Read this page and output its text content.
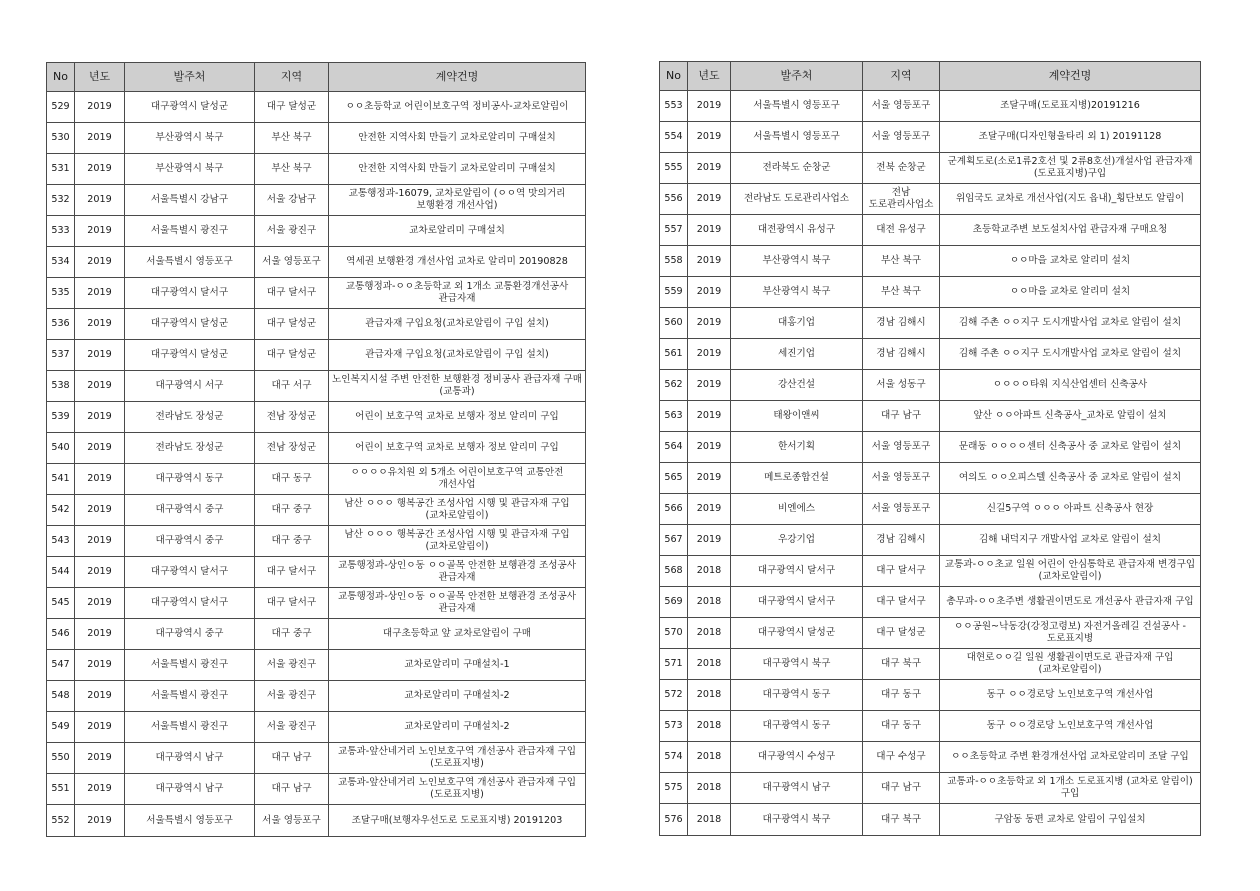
No	년도	발주처	지역	계약건명
529	2019	대구광역시 달성군	대구 달성군	ㅇㅇ초등학교 어린이보호구역 정비공사-교차로알림이
530	2019	부산광역시 북구	부산 북구	안전한 지역사회 만들기 교차로알리미 구매설치
531	2019	부산광역시 북구	부산 북구	안전한 지역사회 만들기 교차로알리미 구매설치
532	2019	서울특별시 강남구	서울 강남구	교통행정과-16079, 교차로알림이 (ㅇㅇ역 맛의거리 보행환경 개선사업)
533	2019	서울특별시 광진구	서울 광진구	교차로알리미 구매설치
534	2019	서울특별시 영등포구	서울 영등포구	역세권 보행환경 개선사업 교차로 알리미 20190828
535	2019	대구광역시 달서구	대구 달서구	교통행정과-ㅇㅇ초등학교 외 1개소 교통환경개선공사 관급자재
536	2019	대구광역시 달성군	대구 달성군	관급자재 구입요청(교차로알림이 구입 설치)
537	2019	대구광역시 달성군	대구 달성군	관급자재 구입요청(교차로알림이 구입 설치)
538	2019	대구광역시 서구	대구 서구	노인복지시설 주변 안전한 보행환경 정비공사 관급자재 구매(교통과)
539	2019	전라남도 장성군	전남 장성군	어린이 보호구역 교차로 보행자 정보 알리미 구입
540	2019	전라남도 장성군	전남 장성군	어린이 보호구역 교차로 보행자 정보 알리미 구입
541	2019	대구광역시 동구	대구 동구	ㅇㅇㅇㅇ유치원 외 5개소 어린이보호구역 교통안전 개선사업
542	2019	대구광역시 중구	대구 중구	남산 ㅇㅇㅇ 행복공간 조성사업 시행 및 관급자재 구입(교차로알림이)
543	2019	대구광역시 중구	대구 중구	남산 ㅇㅇㅇ 행복공간 조성사업 시행 및 관급자재 구입(교차로알림이)
544	2019	대구광역시 달서구	대구 달서구	교통행정과-상인ㅇ동 ㅇㅇ골목 안전한 보행관경 조성공사 관급자재
545	2019	대구광역시 달서구	대구 달서구	교통행정과-상인ㅇ동 ㅇㅇ골목 안전한 보행관경 조성공사 관급자재
546	2019	대구광역시 중구	대구 중구	대구초등학교 앞 교차로알림이 구매
547	2019	서울특별시 광진구	서울 광진구	교차로알리미 구매설치-1
548	2019	서울특별시 광진구	서울 광진구	교차로알리미 구매설치-2
549	2019	서울특별시 광진구	서울 광진구	교차로알리미 구매설치-2
550	2019	대구광역시 남구	대구 남구	교통과-앞산네거리 노인보호구역 개선공사 관급자재 구입(도로표지병)
551	2019	대구광역시 남구	대구 남구	교통과-앞산네거리 노인보호구역 개선공사 관급자재 구입(도로표지병)
552	2019	서울특별시 영등포구	서울 영등포구	조달구매(보행자우선도로 도로표지병) 20191203
No	년도	발주처	지역	계약건명
553	2019	서울특별시 영등포구	서울 영등포구	조달구매(도로표지병)20191216
554	2019	서울특별시 영등포구	서울 영등포구	조달구매(디자인형울타리 외 1) 20191128
555	2019	전라북도 순창군	전북 순창군	군계획도로(소로1류2호선 및 2류8호선)개설사업 관급자재(도로표지병)구입
556	2019	전라남도 도로관리사업소	전남 도로관리사업소	위임국도 교차로 개선사업(지도 읍내)_횡단보도 알림이
557	2019	대전광역시 유성구	대전 유성구	초등학교주변 보도설치사업 관급자재 구매요청
558	2019	부산광역시 북구	부산 북구	ㅇㅇ마을 교차로 알리미 설치
559	2019	부산광역시 북구	부산 북구	ㅇㅇ마을 교차로 알리미 설치
560	2019	대홍기업	경남 김해시	김해 주촌 ㅇㅇ지구 도시개발사업 교차로 알림이 설치
561	2019	세진기업	경남 김해시	김해 주촌 ㅇㅇ지구 도시개발사업 교차로 알림이 설치
562	2019	강산건설	서울 성동구	ㅇㅇㅇㅇ타워 지식산업센터 신축공사
563	2019	태왕이앤씨	대구 남구	앞산 ㅇㅇ아파트 신축공사_교차로 알림이 설치
564	2019	한서기획	서울 영등포구	문래동 ㅇㅇㅇㅇ센터 신축공사 중 교차로 알림이 설치
565	2019	메트로종합건설	서울 영등포구	여의도 ㅇㅇ오피스텔 신축공사 중 교차로 알림이 설치
566	2019	비엔에스	서울 영등포구	신길5구역 ㅇㅇㅇ 아파트 신축공사 현장
567	2019	우강기업	경남 김해시	김해 내덕지구 개발사업 교차로 알림이 설치
568	2018	대구광역시 달서구	대구 달서구	교통과-ㅇㅇ초교 일원 어린이 안심통학로 관급자재 변경구입(교차로알림이)
569	2018	대구광역시 달서구	대구 달서구	총무과-ㅇㅇ초주변 생활권이면도로 개선공사 관급자재 구입
570	2018	대구광역시 달성군	대구 달성군	ㅇㅇ공원~낙동강(강정고령보) 자전거올레길 건설공사 - 도로표지병
571	2018	대구광역시 북구	대구 북구	대현로ㅇㅇ길 일원 생활권이면도로 관급자재 구입(교차로알림이)
572	2018	대구광역시 동구	대구 동구	동구 ㅇㅇ경로당 노인보호구역 개선사업
573	2018	대구광역시 동구	대구 동구	동구 ㅇㅇ경로당 노인보호구역 개선사업
574	2018	대구광역시 수성구	대구 수성구	ㅇㅇ초등학교 주변 환경개선사업 교차로알리미 조달 구입
575	2018	대구광역시 남구	대구 남구	교통과-ㅇㅇ초등학교 외 1개소 도로표지병 (교차로 알림이) 구입
576	2018	대구광역시 북구	대구 북구	구암동 동편 교차로 알림이 구입설치
